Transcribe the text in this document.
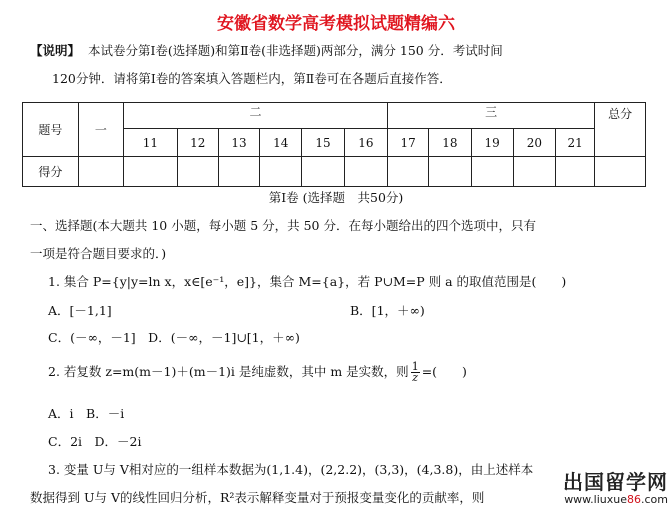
安徽省数学高考模拟试题精编六
【说明】 本试卷分第Ⅰ卷(选择题)和第Ⅱ卷(非选择题)两部分，满分 150 分．考试时间
120分钟．请将第Ⅰ卷的答案填入答题栏内，第Ⅱ卷可在各题后直接作答．
题号	一	二						三					总分
		11	12	13	14	15	16	17	18	19	20	21	
得分													
第Ⅰ卷 (选择题　共50分)
一、选择题(本大题共 10 小题，每小题 5 分，共 50 分．在每小题给出的四个选项中，只有
一项是符合题目要求的．)
1. 集合 P={y|y=ln x，x∈[e⁻¹，e]}，集合 M={a}，若 P∪M=P 则 a 的取值范围是(　　)
A．[－1,1]	B．[1，＋∞)
C．(－∞，－1]　D．(－∞，－1]∪[1，＋∞)
2. 若复数 z=m(m－1)＋(m－1)i 是纯虚数，其中 m 是实数，则 $\frac{1}{z}$ =(　　)
A．i　B．－i
C．2i　D．－2i
3. 变量 U与 V相对应的一组样本数据为(1,1.4)，(2,2.2)，(3,3)，(4,3.8)，由上述样本
数据得到 U与 V的线性回归分析，R²表示解释变量对于预报变量变化的贡献率，则
出国留学网
www.liuxue86.com
